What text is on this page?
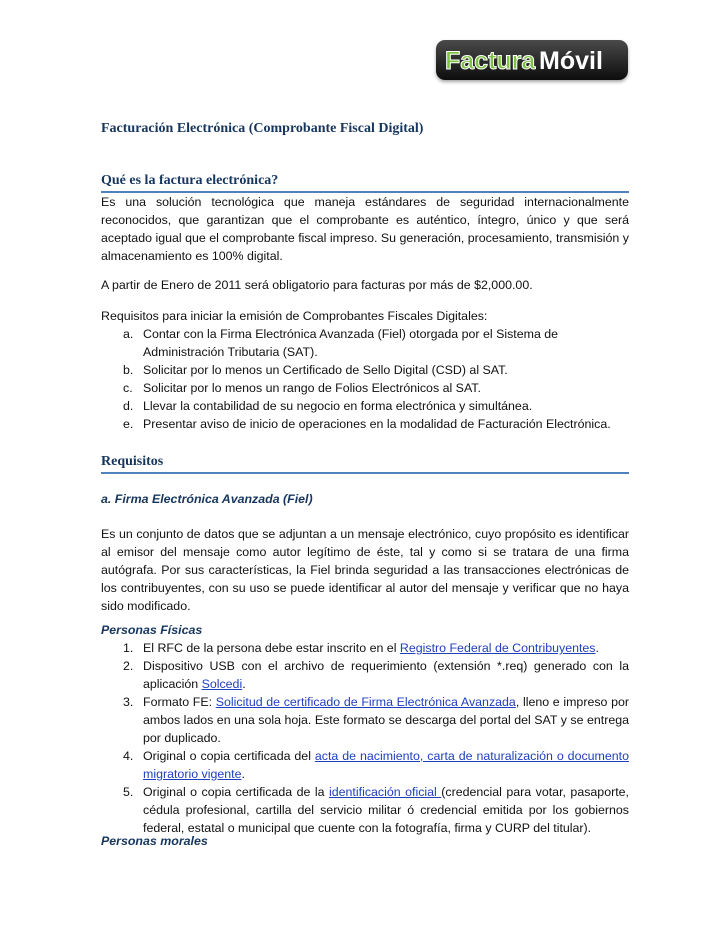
Factura Móvil
Facturación Electrónica (Comprobante Fiscal Digital)
Qué es la factura electrónica?

Es una solución tecnológica que maneja estándares de seguridad internacionalmente reconocidos, que garantizan que el comprobante es auténtico, íntegro, único y que será aceptado igual que el comprobante fiscal impreso. Su generación, procesamiento, transmisión y almacenamiento es 100% digital.

A partir de Enero de 2011 será obligatorio para facturas por más de $2,000.00.

Requisitos para iniciar la emisión de Comprobantes Fiscales Digitales:

a. Contar con la Firma Electrónica Avanzada (Fiel) otorgada por el Sistema de Administración Tributaria (SAT).
b. Solicitar por lo menos un Certificado de Sello Digital (CSD) al SAT.
c. Solicitar por lo menos un rango de Folios Electrónicos al SAT.
d. Llevar la contabilidad de su negocio en forma electrónica y simultánea.
e. Presentar aviso de inicio de operaciones en la modalidad de Facturación Electrónica.
Requisitos

a. Firma Electrónica Avanzada (Fiel)

Es un conjunto de datos que se adjuntan a un mensaje electrónico, cuyo propósito es identificar al emisor del mensaje como autor legítimo de éste, tal y como si se tratara de una firma autógrafa. Por sus características, la Fiel brinda seguridad a las transacciones electrónicas de los contribuyentes, con su uso se puede identificar al autor del mensaje y verificar que no haya sido modificado.

Personas Físicas

1. El RFC de la persona debe estar inscrito en el Registro Federal de Contribuyentes.
2. Dispositivo USB con el archivo de requerimiento (extensión *.req) generado con la aplicación Solcedi.
3. Formato FE: Solicitud de certificado de Firma Electrónica Avanzada, lleno e impreso por ambos lados en una sola hoja. Este formato se descarga del portal del SAT y se entrega por duplicado.
4. Original o copia certificada del acta de nacimiento, carta de naturalización o documento migratorio vigente.
5. Original o copia certificada de la identificación oficial (credencial para votar, pasaporte, cédula profesional, cartilla del servicio militar ó credencial emitida por los gobiernos federal, estatal o municipal que cuente con la fotografía, firma y CURP del titular).

Personas morales
